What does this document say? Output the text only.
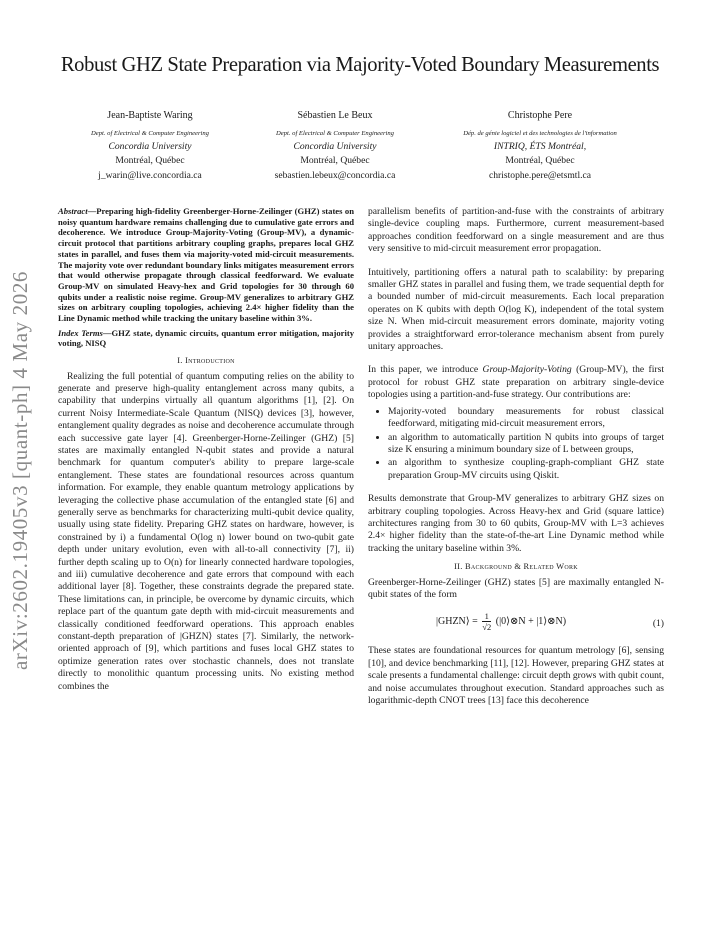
arXiv:2602.19405v3 [quant-ph] 4 May 2026
Robust GHZ State Preparation via Majority-Voted Boundary Measurements
Jean-Baptiste Waring
Dept. of Electrical & Computer Engineering
Concordia University
Montréal, Québec
j_warin@live.concordia.ca
Sébastien Le Beux
Dept. of Electrical & Computer Engineering
Concordia University
Montréal, Québec
sebastien.lebeux@concordia.ca
Christophe Pere
Dép. de génie logiciel et des technologies de l'information
INTRIQ, ÉTS Montréal,
Montréal, Québec
christophe.pere@etsmtl.ca

Abstract—Preparing high-fidelity Greenberger-Horne-Zeilinger (GHZ) states on noisy quantum hardware remains challenging due to cumulative gate errors and decoherence. We introduce Group-Majority-Voting (Group-MV), a dynamic-circuit protocol that partitions arbitrary coupling graphs, prepares local GHZ states in parallel, and fuses them via majority-voted mid-circuit measurements. The majority vote over redundant boundary links mitigates measurement errors that would otherwise propagate through classical feedforward. We evaluate Group-MV on simulated Heavy-hex and Grid topologies for 30 through 60 qubits under a realistic noise regime. Group-MV generalizes to arbitrary GHZ sizes on arbitrary coupling topologies, achieving 2.4× higher fidelity than the Line Dynamic method while tracking the unitary baseline within 3%.

Index Terms—GHZ state, dynamic circuits, quantum error mitigation, majority voting, NISQ

I. Introduction

Realizing the full potential of quantum computing relies on the ability to generate and preserve high-quality entanglement across many qubits, a capability that underpins virtually all quantum algorithms [1], [2]. On current Noisy Intermediate-Scale Quantum (NISQ) devices [3], however, entanglement quality degrades as noise and decoherence accumulate through each successive gate layer [4]. Greenberger-Horne-Zeilinger (GHZ) [5] states are maximally entangled N-qubit states and provide a natural benchmark for quantum computer's ability to prepare large-scale entanglement. These states are foundational resources across quantum information. For example, they enable quantum metrology applications by leveraging the collective phase accumulation of the entangled state [6] and generally serve as benchmarks for characterizing multi-qubit device quality, usually using state fidelity. Preparing GHZ states on hardware, however, is constrained by i) a fundamental O(log n) lower bound on two-qubit gate depth under unitary evolution, even with all-to-all connectivity [7], ii) further depth scaling up to O(n) for linearly connected hardware topologies, and iii) cumulative decoherence and gate errors that compound with each additional layer [8]. Together, these constraints degrade the prepared state. These limitations can, in principle, be overcome by dynamic circuits, which replace part of the quantum gate depth with mid-circuit measurements and classically conditioned feedforward operations. This approach enables constant-depth preparation of |GHZN⟩ states [7]. Similarly, the network-oriented approach of [9], which partitions and fuses local GHZ states to optimize generation rates over stochastic channels, does not translate directly to monolithic quantum processing units. No existing method combines the

parallelism benefits of partition-and-fuse with the constraints of arbitrary single-device coupling maps. Furthermore, current measurement-based approaches condition feedforward on a single measurement and are thus very sensitive to mid-circuit measurement error propagation.

Intuitively, partitioning offers a natural path to scalability: by preparing smaller GHZ states in parallel and fusing them, we trade sequential depth for a bounded number of mid-circuit measurements. Each local preparation operates on K qubits with depth O(log K), independent of the total system size N. When mid-circuit measurement errors dominate, majority voting provides a straightforward error-tolerance mechanism absent from purely unitary approaches.

In this paper, we introduce Group-Majority-Voting (Group-MV), the first protocol for robust GHZ state preparation on arbitrary single-device topologies using a partition-and-fuse strategy. Our contributions are:

• Majority-voted boundary measurements for robust classical feedforward, mitigating mid-circuit measurement errors,
• an algorithm to automatically partition N qubits into groups of target size K ensuring a minimum boundary size of L between groups,
• an algorithm to synthesize coupling-graph-compliant GHZ state preparation Group-MV circuits using Qiskit.

Results demonstrate that Group-MV generalizes to arbitrary GHZ sizes on arbitrary coupling topologies. Across Heavy-hex and Grid (square lattice) architectures ranging from 30 to 60 qubits, Group-MV with L=3 achieves 2.4× higher fidelity than the state-of-the-art Line Dynamic method while tracking the unitary baseline within 3%.

II. Background & Related Work

Greenberger-Horne-Zeilinger (GHZ) states [5] are maximally entangled N-qubit states of the form

|GHZN⟩ = $\frac{1}{√2}$ (|0⟩⊗N + |1⟩⊗N)	(1)

These states are foundational resources for quantum metrology [6], sensing [10], and device benchmarking [11], [12]. However, preparing GHZ states at scale presents a fundamental challenge: circuit depth grows with qubit count, and noise accumulates throughout execution. Standard approaches such as logarithmic-depth CNOT trees [13] face this decoherence
